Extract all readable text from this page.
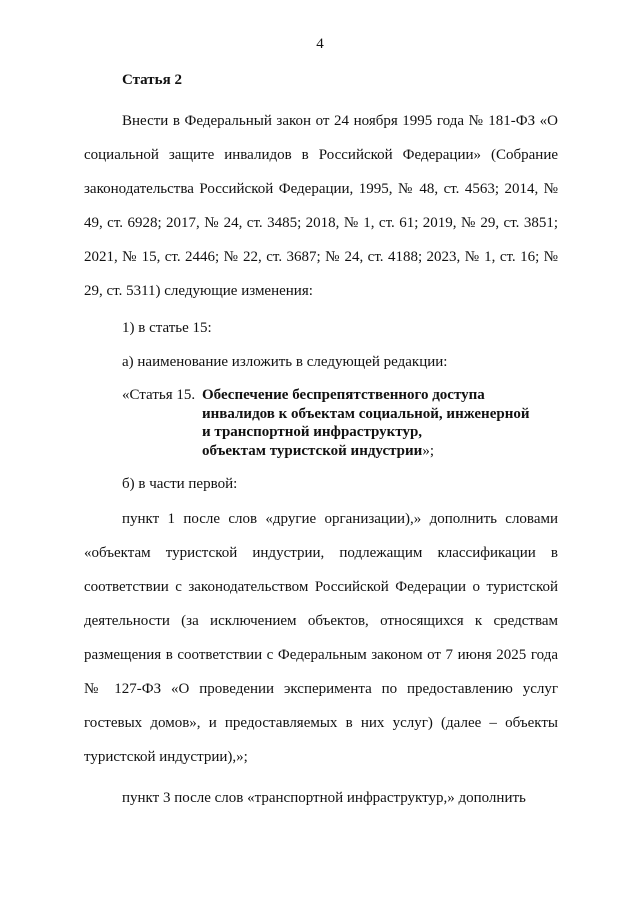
4
Статья 2

Внести в Федеральный закон от 24 ноября 1995 года № 181-ФЗ «О социальной защите инвалидов в Российской Федерации» (Собрание законодательства Российской Федерации, 1995, № 48, ст. 4563; 2014, № 49, ст. 6928; 2017, № 24, ст. 3485; 2018, № 1, ст. 61; 2019, № 29, ст. 3851; 2021, № 15, ст. 2446; № 22, ст. 3687; № 24, ст. 4188; 2023, № 1, ст. 16; № 29, ст. 5311) следующие изменения:

1) в статье 15:
а) наименование изложить в следующей редакции:
«Статья 15. Обеспечение беспрепятственного доступа
инвалидов к объектам социальной, инженерной
и транспортной инфраструктур,
объектам туристской индустрии»;
б) в части первой:

пункт 1 после слов «другие организации),» дополнить словами «объектам туристской индустрии, подлежащим классификации в соответствии с законодательством Российской Федерации о туристской деятельности (за исключением объектов, относящихся к средствам размещения в соответствии с Федеральным законом от 7 июня 2025 года № 127-ФЗ «О проведении эксперимента по предоставлению услуг гостевых домов», и предоставляемых в них услуг) (далее – объекты туристской индустрии),»;

пункт 3 после слов «транспортной инфраструктур,» дополнить
